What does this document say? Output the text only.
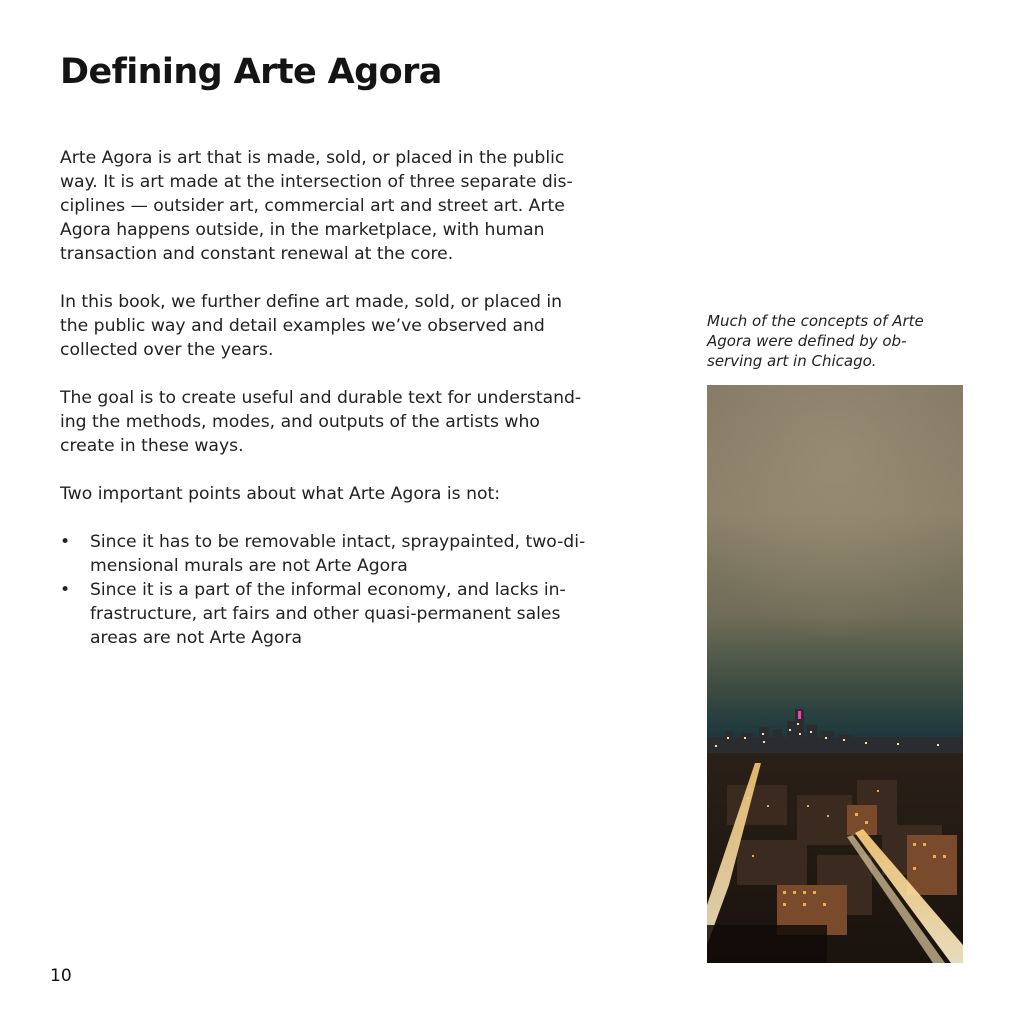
Defining Arte Agora

Arte Agora is art that is made, sold, or placed in the public
way. It is art made at the intersection of three separate dis-
ciplines — outsider art, commercial art and street art. Arte
Agora happens outside, in the marketplace, with human
transaction and constant renewal at the core.

In this book, we further define art made, sold, or placed in
the public way and detail examples we’ve observed and
collected over the years.

The goal is to create useful and durable text for understand-
ing the methods, modes, and outputs of the artists who
create in these ways.

Two important points about what Arte Agora is not:

• Since it has to be removable intact, spraypainted, two-di-
mensional murals are not Arte Agora
• Since it is a part of the informal economy, and lacks in-
frastructure, art fairs and other quasi-permanent sales
areas are not Arte Agora
Much of the concepts of Arte
Agora were defined by ob-
serving art in Chicago.
10
